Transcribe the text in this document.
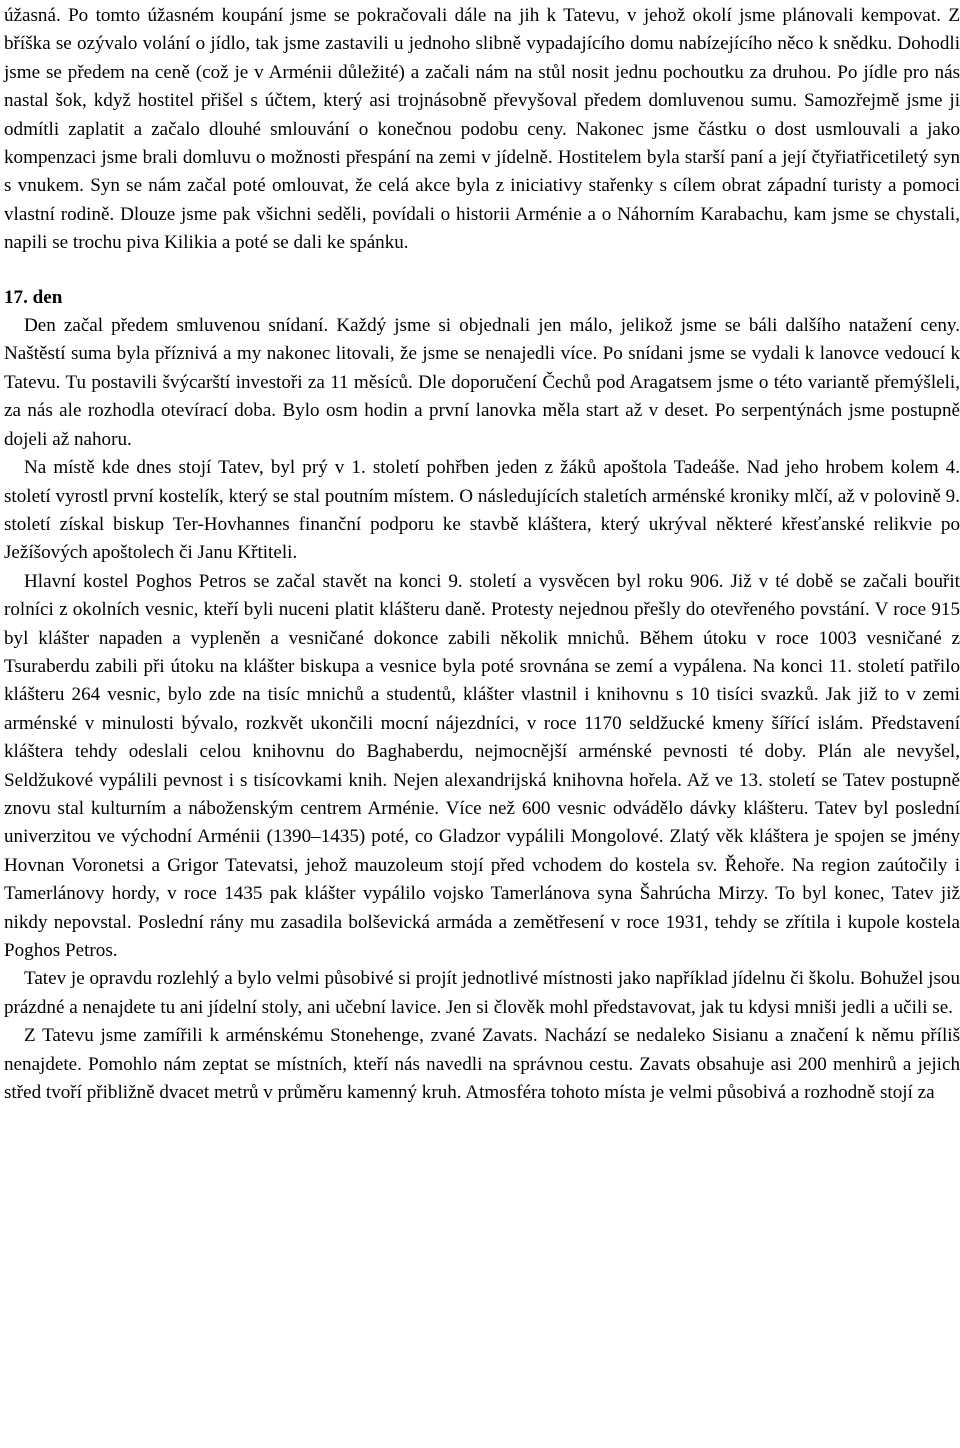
úžasná. Po tomto úžasném koupání jsme se pokračovali dále na jih k Tatevu, v jehož okolí jsme plánovali kempovat. Z bříška se ozývalo volání o jídlo, tak jsme zastavili u jednoho slibně vypadajícího domu nabízejícího něco k snědku. Dohodli jsme se předem na ceně (což je v Arménii důležité) a začali nám na stůl nosit jednu pochoutku za druhou. Po jídle pro nás nastal šok, když hostitel přišel s účtem, který asi trojnásobně převyšoval předem domluvenou sumu. Samozřejmě jsme ji odmítli zaplatit a začalo dlouhé smlouvání o konečnou podobu ceny. Nakonec jsme částku o dost usmlouvali a jako kompenzaci jsme brali domluvu o možnosti přespání na zemi v jídelně. Hostitelem byla starší paní a její čtyřiatřicetiletý syn s vnukem. Syn se nám začal poté omlouvat, že celá akce byla z iniciativy stařenky s cílem obrat západní turisty a pomoci vlastní rodině. Dlouze jsme pak všichni seděli, povídali o historii Arménie a o Náhorním Karabachu, kam jsme se chystali, napili se trochu piva Kilikia a poté se dali ke spánku.

17. den

Den začal předem smluvenou snídaní. Každý jsme si objednali jen málo, jelikož jsme se báli dalšího natažení ceny. Naštěstí suma byla příznivá a my nakonec litovali, že jsme se nenajedli více. Po snídani jsme se vydali k lanovce vedoucí k Tatevu. Tu postavili švýcarští investoři za 11 měsíců. Dle doporučení Čechů pod Aragatsem jsme o této variantě přemýšleli, za nás ale rozhodla otevírací doba. Bylo osm hodin a první lanovka měla start až v deset. Po serpentýnách jsme postupně dojeli až nahoru.

Na místě kde dnes stojí Tatev, byl prý v 1. století pohřben jeden z žáků apoštola Tadeáše. Nad jeho hrobem kolem 4. století vyrostl první kostelík, který se stal poutním místem. O následujících staletích arménské kroniky mlčí, až v polovině 9. století získal biskup Ter-Hovhannes finanční podporu ke stavbě kláštera, který ukrýval některé křesťanské relikvie po Ježíšových apoštolech či Janu Křtiteli.

Hlavní kostel Poghos Petros se začal stavět na konci 9. století a vysvěcen byl roku 906. Již v té době se začali bouřit rolníci z okolních vesnic, kteří byli nuceni platit klášteru daně. Protesty nejednou přešly do otevřeného povstání. V roce 915 byl klášter napaden a vypleněn a vesničané dokonce zabili několik mnichů. Během útoku v roce 1003 vesničané z Tsuraberdu zabili při útoku na klášter biskupa a vesnice byla poté srovnána se zemí a vypálena. Na konci 11. století patřilo klášteru 264 vesnic, bylo zde na tisíc mnichů a studentů, klášter vlastnil i knihovnu s 10 tisíci svazků. Jak již to v zemi arménské v minulosti bývalo, rozkvět ukončili mocní nájezdníci, v roce 1170 seldžucké kmeny šířící islám. Představení kláštera tehdy odeslali celou knihovnu do Baghaberdu, nejmocnější arménské pevnosti té doby. Plán ale nevyšel, Seldžukové vypálili pevnost i s tisícovkami knih. Nejen alexandrijská knihovna hořela. Až ve 13. století se Tatev postupně znovu stal kulturním a náboženským centrem Arménie. Více než 600 vesnic odvádělo dávky klášteru. Tatev byl poslední univerzitou ve východní Arménii (1390–1435) poté, co Gladzor vypálili Mongolové. Zlatý věk kláštera je spojen se jmény Hovnan Voronetsi a Grigor Tatevatsi, jehož mauzoleum stojí před vchodem do kostela sv. Řehoře. Na region zaútočily i Tamerlánovy hordy, v roce 1435 pak klášter vypálilo vojsko Tamerlánova syna Šahrúcha Mirzy. To byl konec, Tatev již nikdy nepovstal. Poslední rány mu zasadila bolševická armáda a zemětřesení v roce 1931, tehdy se zřítila i kupole kostela Poghos Petros.

Tatev je opravdu rozlehlý a bylo velmi působivé si projít jednotlivé místnosti jako například jídelnu či školu. Bohužel jsou prázdné a nenajdete tu ani jídelní stoly, ani učební lavice. Jen si člověk mohl představovat, jak tu kdysi mniši jedli a učili se.

Z Tatevu jsme zamířili k arménskému Stonehenge, zvané Zavats. Nachází se nedaleko Sisianu a značení k němu příliš nenajdete. Pomohlo nám zeptat se místních, kteří nás navedli na správnou cestu. Zavats obsahuje asi 200 menhirů a jejich střed tvoří přibližně dvacet metrů v průměru kamenný kruh. Atmosféra tohoto místa je velmi působivá a rozhodně stojí za
